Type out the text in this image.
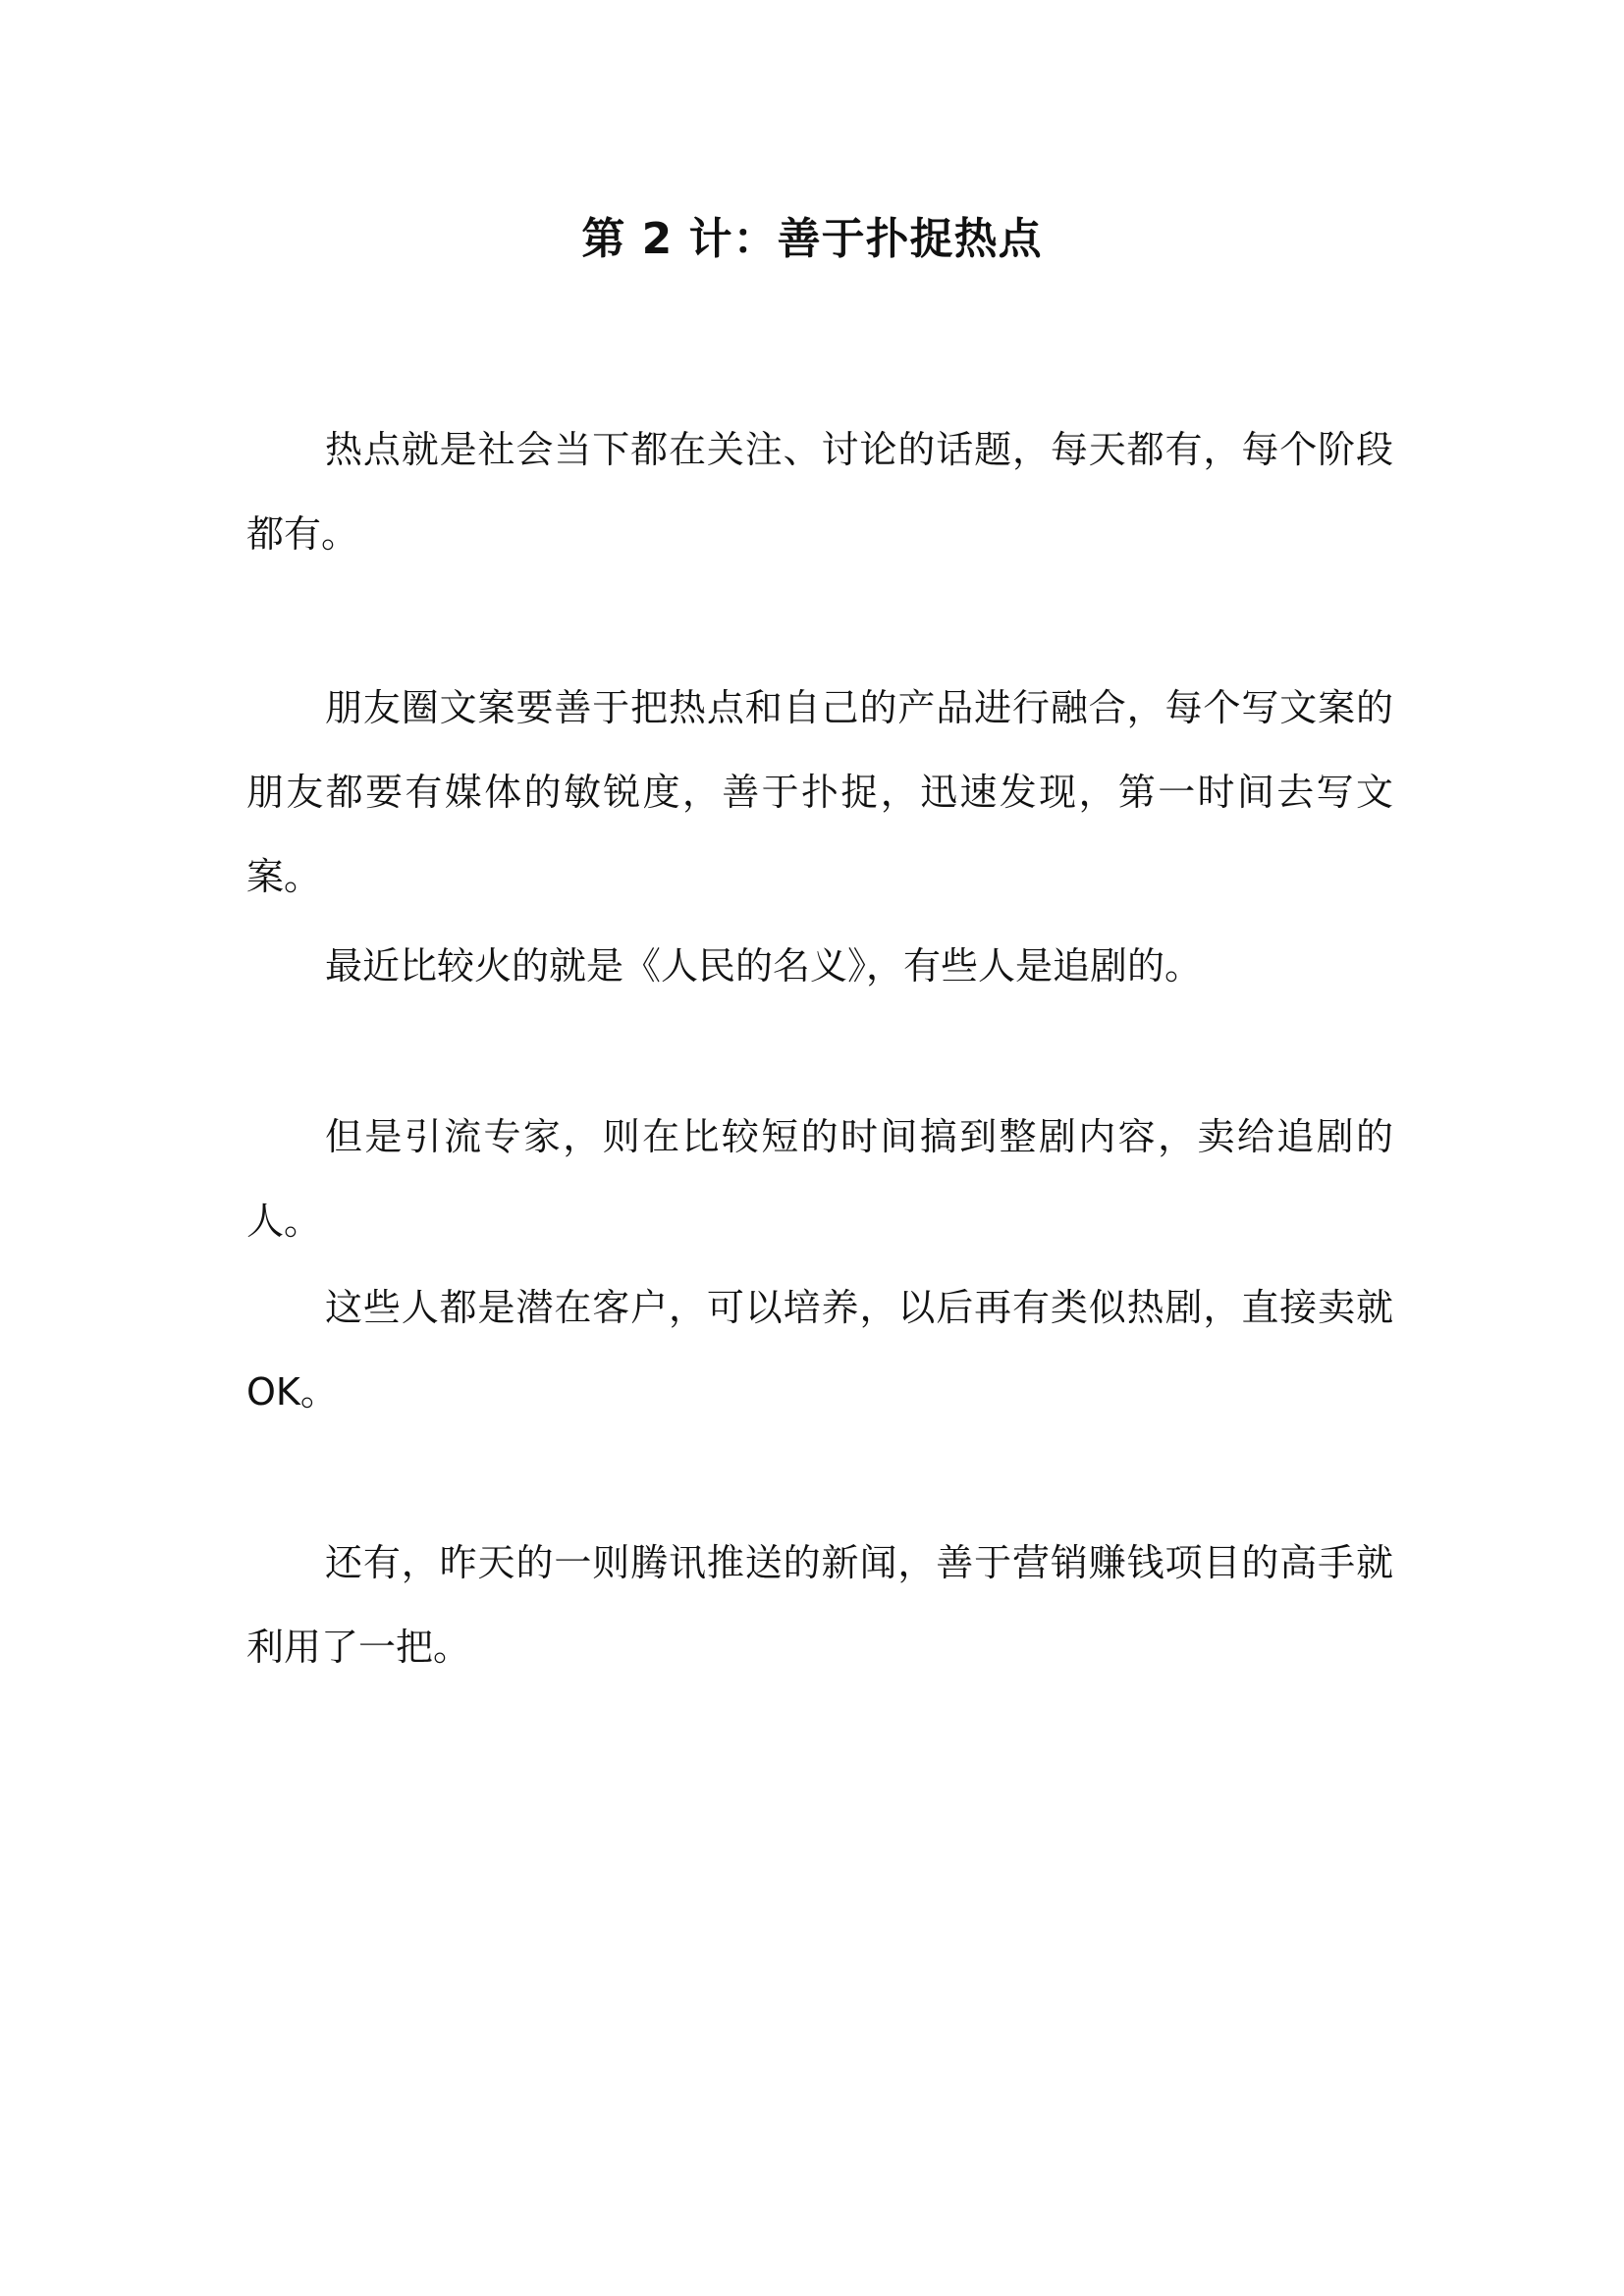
第 2 计：善于扑捉热点

热点就是社会当下都在关注、讨论的话题，每天都有，每个阶段都有。

朋友圈文案要善于把热点和自己的产品进行融合，每个写文案的朋友都要有媒体的敏锐度，善于扑捉，迅速发现，第一时间去写文案。

最近比较火的就是《人民的名义》，有些人是追剧的。

但是引流专家，则在比较短的时间搞到整剧内容，卖给追剧的人。

这些人都是潜在客户，可以培养，以后再有类似热剧，直接卖就OK。

还有，昨天的一则腾讯推送的新闻，善于营销赚钱项目的高手就利用了一把。
